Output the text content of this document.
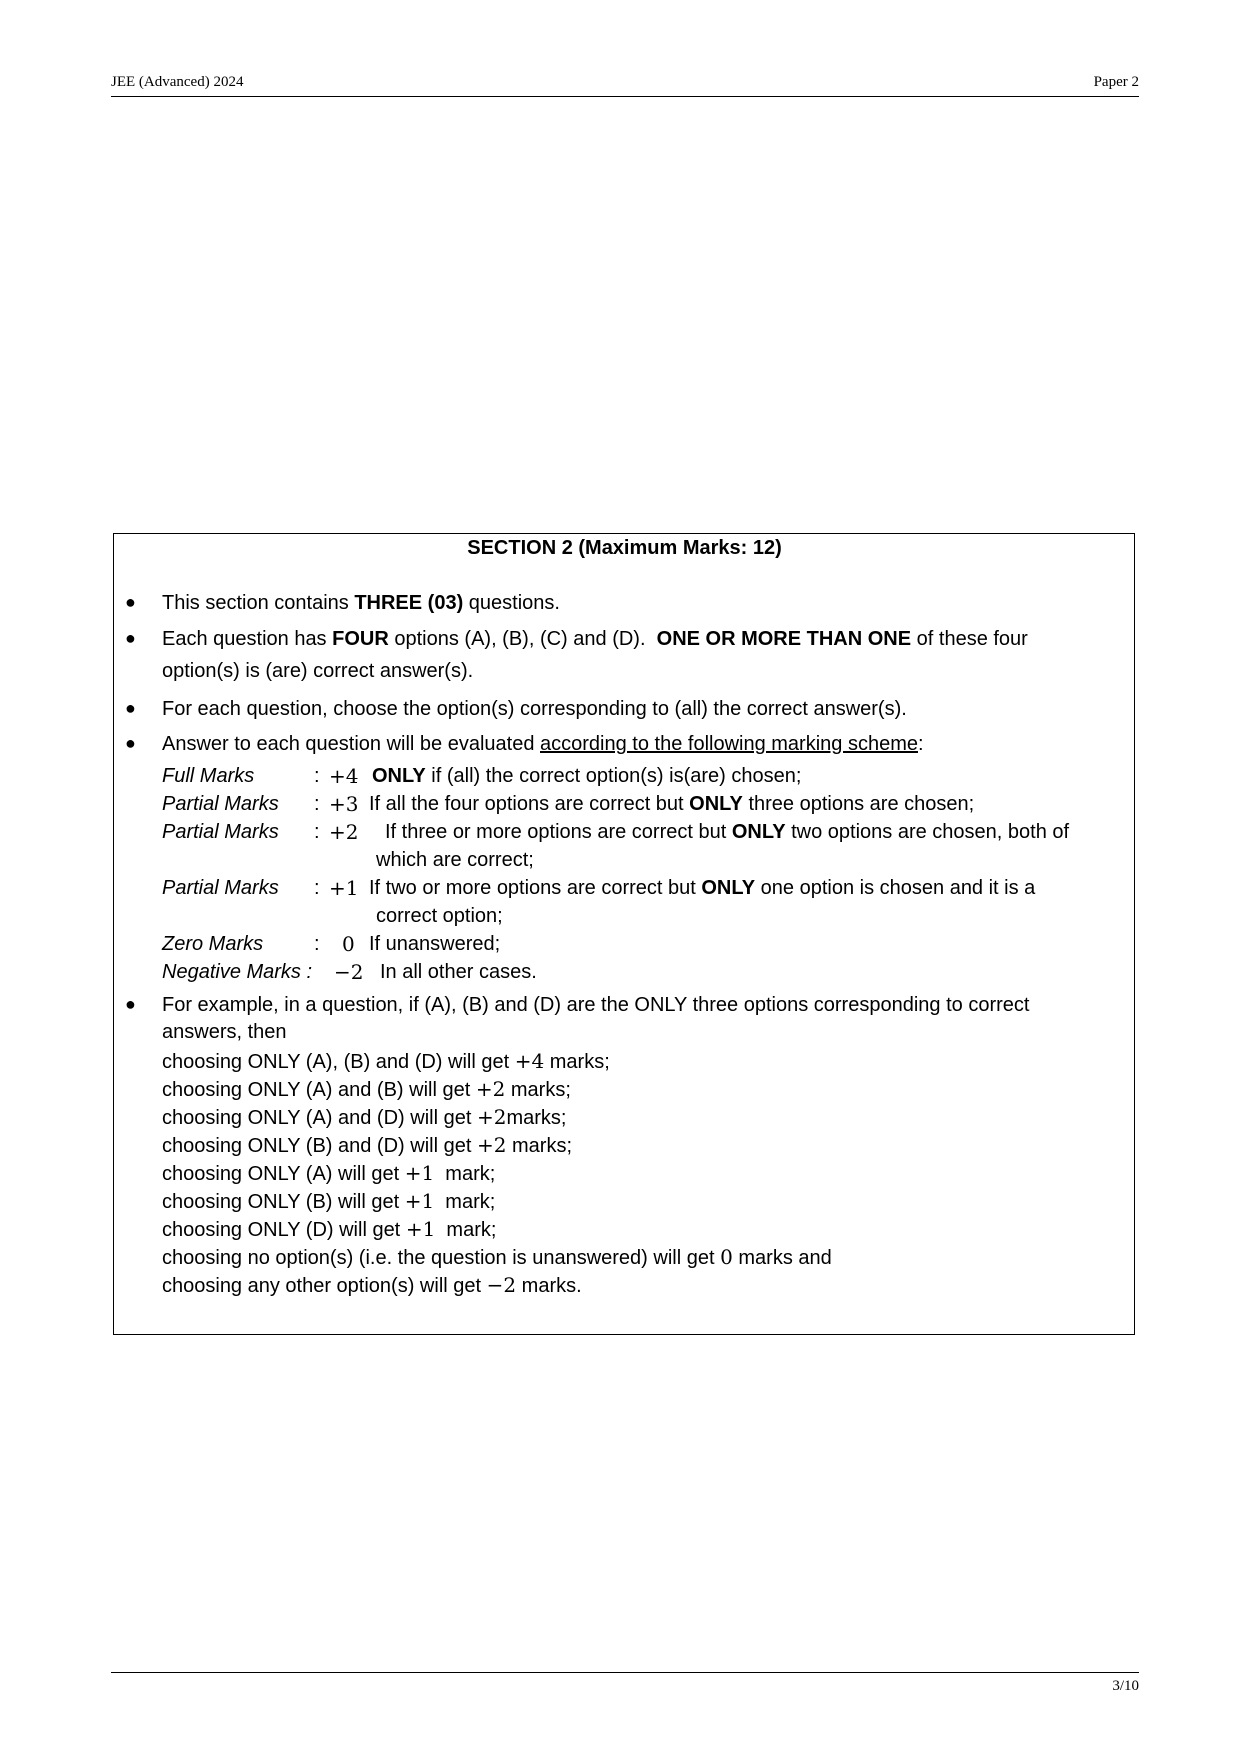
JEE (Advanced) 2024	Paper 2
SECTION 2 (Maximum Marks: 12)
● This section contains THREE (03) questions.
● Each question has FOUR options (A), (B), (C) and (D).  ONE OR MORE THAN ONE of these four
option(s) is (are) correct answer(s).
● For each question, choose the option(s) corresponding to (all) the correct answer(s).
● Answer to each question will be evaluated according to the following marking scheme:
Full Marks	: +4 ONLY if (all) the correct option(s) is(are) chosen;
Partial Marks : +3 If all the four options are correct but ONLY three options are chosen;
Partial Marks : +2 If three or more options are correct but ONLY two options are chosen, both of
which are correct;
Partial Marks : +1 If two or more options are correct but ONLY one option is chosen and it is a
correct option;
Zero Marks	: 0 If unanswered;
Negative Marks : −2 In all other cases.
● For example, in a question, if (A), (B) and (D) are the ONLY three options corresponding to correct
answers, then
choosing ONLY (A), (B) and (D) will get +4 marks;
choosing ONLY (A) and (B) will get +2 marks;
choosing ONLY (A) and (D) will get +2marks;
choosing ONLY (B) and (D) will get +2 marks;
choosing ONLY (A) will get +1  mark;
choosing ONLY (B) will get +1  mark;
choosing ONLY (D) will get +1  mark;
choosing no option(s) (i.e. the question is unanswered) will get 0 marks and
choosing any other option(s) will get −2 marks.
3/10
